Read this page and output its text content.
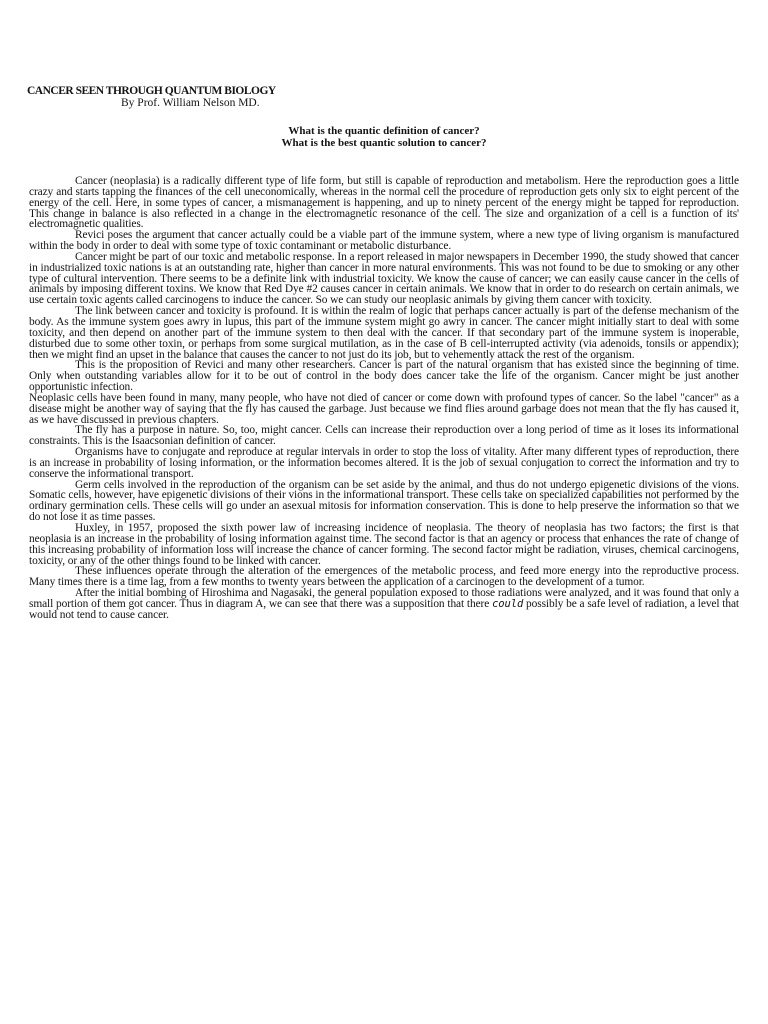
CANCER SEEN THROUGH QUANTUM BIOLOGY
By Prof. William Nelson MD.
What is the quantic definition of cancer?
What is the best quantic solution to cancer?

Cancer (neoplasia) is a radically different type of life form, but still is capable of reproduction and metabolism. Here the reproduction goes a little crazy and starts tapping the finances of the cell uneconomically, whereas in the normal cell the procedure of reproduction gets only six to eight percent of the energy of the cell. Here, in some types of cancer, a mismanagement is happening, and up to ninety percent of the energy might be tapped for reproduction. This change in balance is also reflected in a change in the electromagnetic resonance of the cell. The size and organization of a cell is a function of its' electromagnetic qualities.

Revici poses the argument that cancer actually could be a viable part of the immune system, where a new type of living organism is manufactured within the body in order to deal with some type of toxic contaminant or metabolic disturbance.

Cancer might be part of our toxic and metabolic response. In a report released in major newspapers in December 1990, the study showed that cancer in industrialized toxic nations is at an outstanding rate, higher than cancer in more natural environments. This was not found to be due to smoking or any other type of cultural intervention. There seems to be a definite link with industrial toxicity. We know the cause of cancer; we can easily cause cancer in the cells of animals by imposing different toxins. We know that Red Dye #2 causes cancer in certain animals. We know that in order to do research on certain animals, we use certain toxic agents called carcinogens to induce the cancer. So we can study our neoplasic animals by giving them cancer with toxicity.

The link between cancer and toxicity is profound. It is within the realm of logic that perhaps cancer actually is part of the defense mechanism of the body. As the immune system goes awry in lupus, this part of the immune system might go awry in cancer. The cancer might initially start to deal with some toxicity, and then depend on another part of the immune system to then deal with the cancer. If that secondary part of the immune system is inoperable, disturbed due to some other toxin, or perhaps from some surgical mutilation, as in the case of B cell-interrupted activity (via adenoids, tonsils or appendix); then we might find an upset in the balance that causes the cancer to not just do its job, but to vehemently attack the rest of the organism.

This is the proposition of Revici and many other researchers. Cancer is part of the natural organism that has existed since the beginning of time. Only when outstanding variables allow for it to be out of control in the body does cancer take the life of the organism. Cancer might be just another opportunistic infection.

Neoplasic cells have been found in many, many people, who have not died of cancer or come down with profound types of cancer. So the label "cancer" as a disease might be another way of saying that the fly has caused the garbage. Just because we find flies around garbage does not mean that the fly has caused it, as we have discussed in previous chapters.

The fly has a purpose in nature. So, too, might cancer. Cells can increase their reproduction over a long period of time as it loses its informational constraints. This is the Isaacsonian definition of cancer.

Organisms have to conjugate and reproduce at regular intervals in order to stop the loss of vitality. After many different types of reproduction, there is an increase in probability of losing information, or the information becomes altered. It is the job of sexual conjugation to correct the information and try to conserve the informational transport.

Germ cells involved in the reproduction of the organism can be set aside by the animal, and thus do not undergo epigenetic divisions of the vions. Somatic cells, however, have epigenetic divisions of their vions in the informational transport. These cells take on specialized capabilities not performed by the ordinary germination cells. These cells will go under an asexual mitosis for information conservation. This is done to help preserve the information so that we do not lose it as time passes.

Huxley, in 1957, proposed the sixth power law of increasing incidence of neoplasia. The theory of neoplasia has two factors; the first is that neoplasia is an increase in the probability of losing information against time. The second factor is that an agency or process that enhances the rate of change of this increasing probability of information loss will increase the chance of cancer forming. The second factor might be radiation, viruses, chemical carcinogens, toxicity, or any of the other things found to be linked with cancer.

These influences operate through the alteration of the emergences of the metabolic process, and feed more energy into the reproductive process. Many times there is a time lag, from a few months to twenty years between the application of a carcinogen to the development of a tumor.

After the initial bombing of Hiroshima and Nagasaki, the general population exposed to those radiations were analyzed, and it was found that only a small portion of them got cancer. Thus in diagram A, we can see that there was a supposition that there could possibly be a safe level of radiation, a level that would not tend to cause cancer.
